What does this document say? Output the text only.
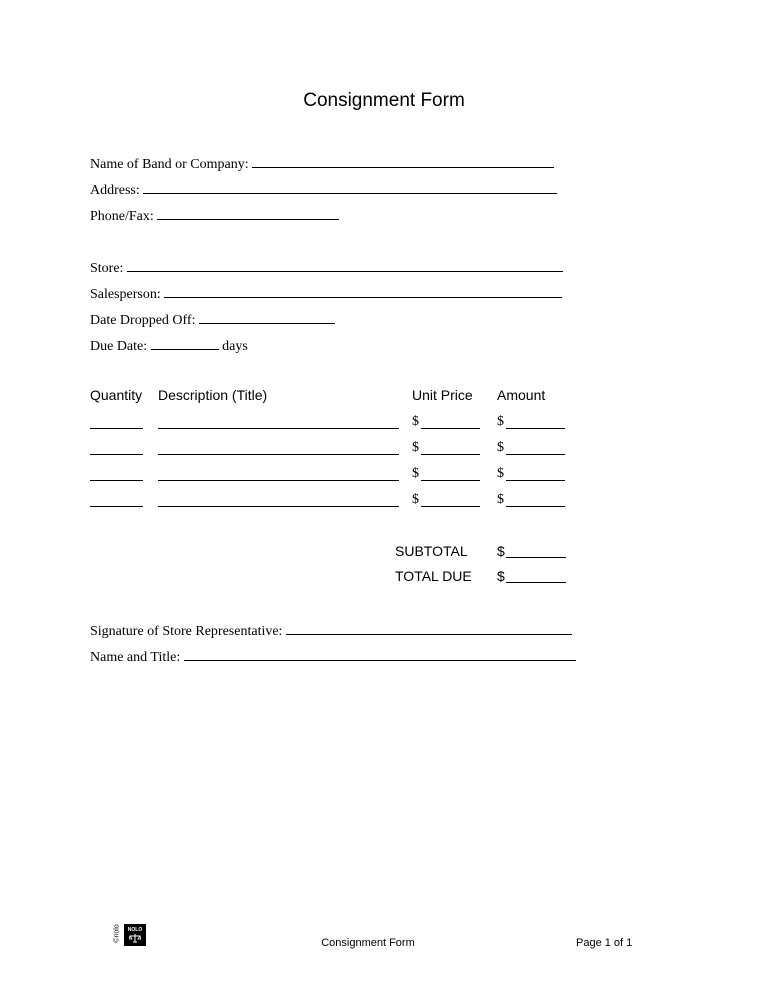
Consignment Form
Name of Band or Company:
Address:
Phone/Fax:
Store:
Salesperson:
Date Dropped Off:
Due Date:	days
Quantity Description (Title)	Unit Price Amount
$	$
$	$
$	$
$	$
SUBTOTAL $
TOTAL DUE $
Signature of Store Representative:
Name and Title:
©nolo	NOLO
Consignment Form	Page 1 of 1
